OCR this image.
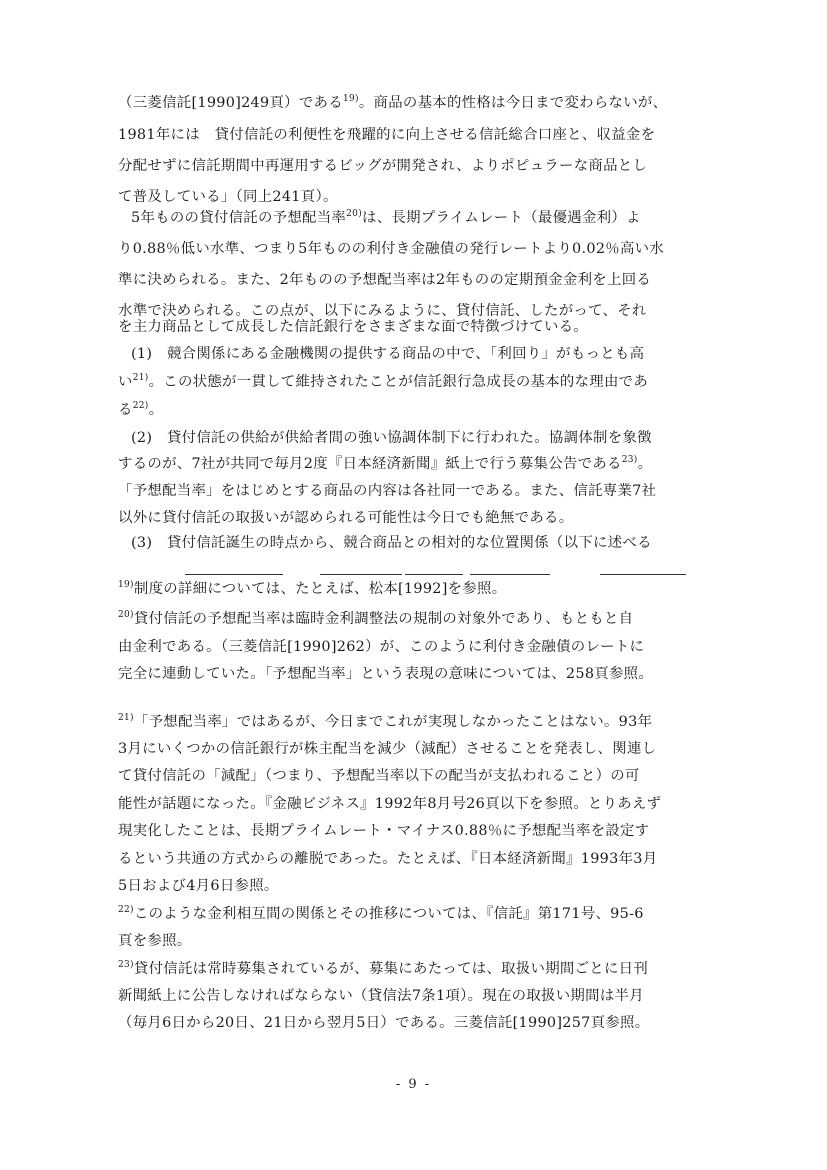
（三菱信託[1990]249頁）である$^{19)}$。商品の基本的性格は今日まで変わらないが、
1981年には　貸付信託の利便性を飛躍的に向上させる信託総合口座と、収益金を
分配せずに信託期間中再運用するビッグが開発され、よりポピュラーな商品とし
て普及している」（同上241頁）。
5年ものの貸付信託の予想配当率$^{20)}$は、長期プライムレート（最優遇金利）よ
り0.88％低い水準、つまり5年ものの利付き金融債の発行レートより0.02％高い水
準に決められる。また、2年ものの予想配当率は2年ものの定期預金金利を上回る
水準で決められる。この点が、以下にみるように、貸付信託、したがって、それ
を主力商品として成長した信託銀行をさまざまな面で特徴づけている。
(1)　競合関係にある金融機関の提供する商品の中で、「利回り」がもっとも高
い$^{21)}$。この状態が一貫して維持されたことが信託銀行急成長の基本的な理由であ
る$^{22)}$。
(2)　貸付信託の供給が供給者間の強い協調体制下に行われた。協調体制を象徴
するのが、7社が共同で毎月2度『日本経済新聞』紙上で行う募集公告である$^{23)}$。
「予想配当率」をはじめとする商品の内容は各社同一である。また、信託専業7社
以外に貸付信託の取扱いが認められる可能性は今日でも絶無である。
(3)　貸付信託誕生の時点から、競合商品との相対的な位置関係（以下に述べる
$^{19)}$制度の詳細については、たとえば、松本[1992]を参照。
$^{20)}$貸付信託の予想配当率は臨時金利調整法の規制の対象外であり、もともと自
由金利である。（三菱信託[1990]262）が、このように利付き金融債のレートに
完全に連動していた。「予想配当率」という表現の意味については、258頁参照。
$^{21)}$「予想配当率」ではあるが、今日までこれが実現しなかったことはない。93年
3月にいくつかの信託銀行が株主配当を減少（減配）させることを発表し、関連し
て貸付信託の「減配」（つまり、予想配当率以下の配当が支払われること）の可
能性が話題になった。『金融ビジネス』1992年8月号26頁以下を参照。とりあえず
現実化したことは、長期プライムレート・マイナス0.88％に予想配当率を設定す
るという共通の方式からの離脱であった。たとえば、『日本経済新聞』1993年3月
5日および4月6日参照。
$^{22)}$このような金利相互間の関係とその推移については、『信託』第171号、95-6
頁を参照。
$^{23)}$貸付信託は常時募集されているが、募集にあたっては、取扱い期間ごとに日刊
新聞紙上に公告しなければならない（貸信法7条1項）。現在の取扱い期間は半月
（毎月6日から20日、21日から翌月5日）である。三菱信託[1990]257頁参照。
- 9 -
